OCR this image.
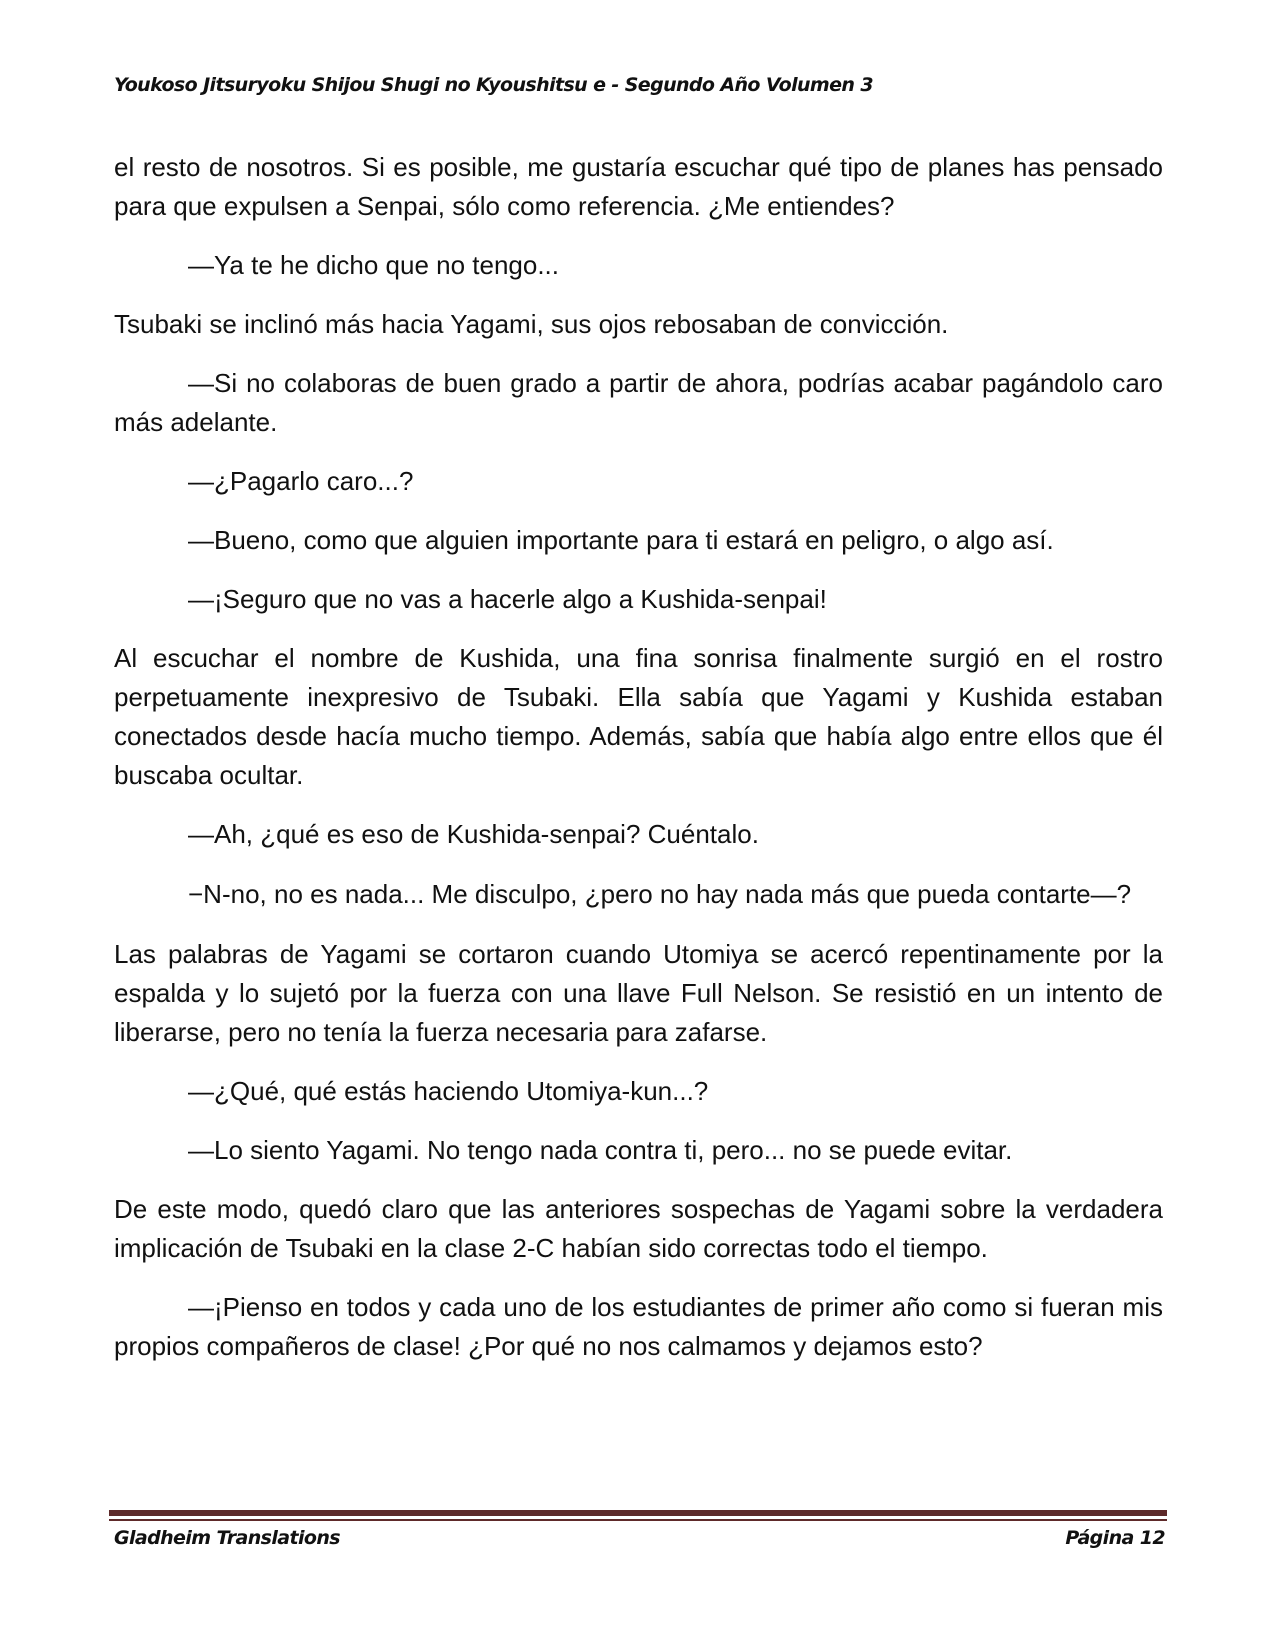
Youkoso Jitsuryoku Shijou Shugi no Kyoushitsu e - Segundo Año Volumen 3

el resto de nosotros. Si es posible, me gustaría escuchar qué tipo de planes has pensado para que expulsen a Senpai, sólo como referencia. ¿Me entiendes?

—Ya te he dicho que no tengo...

Tsubaki se inclinó más hacia Yagami, sus ojos rebosaban de convicción.

—Si no colaboras de buen grado a partir de ahora, podrías acabar pagándolo caro más adelante.

—¿Pagarlo caro...?

—Bueno, como que alguien importante para ti estará en peligro, o algo así.

—¡Seguro que no vas a hacerle algo a Kushida-senpai!

Al escuchar el nombre de Kushida, una fina sonrisa finalmente surgió en el rostro perpetuamente inexpresivo de Tsubaki. Ella sabía que Yagami y Kushida estaban conectados desde hacía mucho tiempo. Además, sabía que había algo entre ellos que él buscaba ocultar.

—Ah, ¿qué es eso de Kushida-senpai? Cuéntalo.

−N-no, no es nada... Me disculpo, ¿pero no hay nada más que pueda contarte—?

Las palabras de Yagami se cortaron cuando Utomiya se acercó repentinamente por la espalda y lo sujetó por la fuerza con una llave Full Nelson. Se resistió en un intento de liberarse, pero no tenía la fuerza necesaria para zafarse.

—¿Qué, qué estás haciendo Utomiya-kun...?

—Lo siento Yagami. No tengo nada contra ti, pero... no se puede evitar.

De este modo, quedó claro que las anteriores sospechas de Yagami sobre la verdadera implicación de Tsubaki en la clase 2-C habían sido correctas todo el tiempo.

—¡Pienso en todos y cada uno de los estudiantes de primer año como si fueran mis propios compañeros de clase! ¿Por qué no nos calmamos y dejamos esto?

Gladheim Translations	Página 12
